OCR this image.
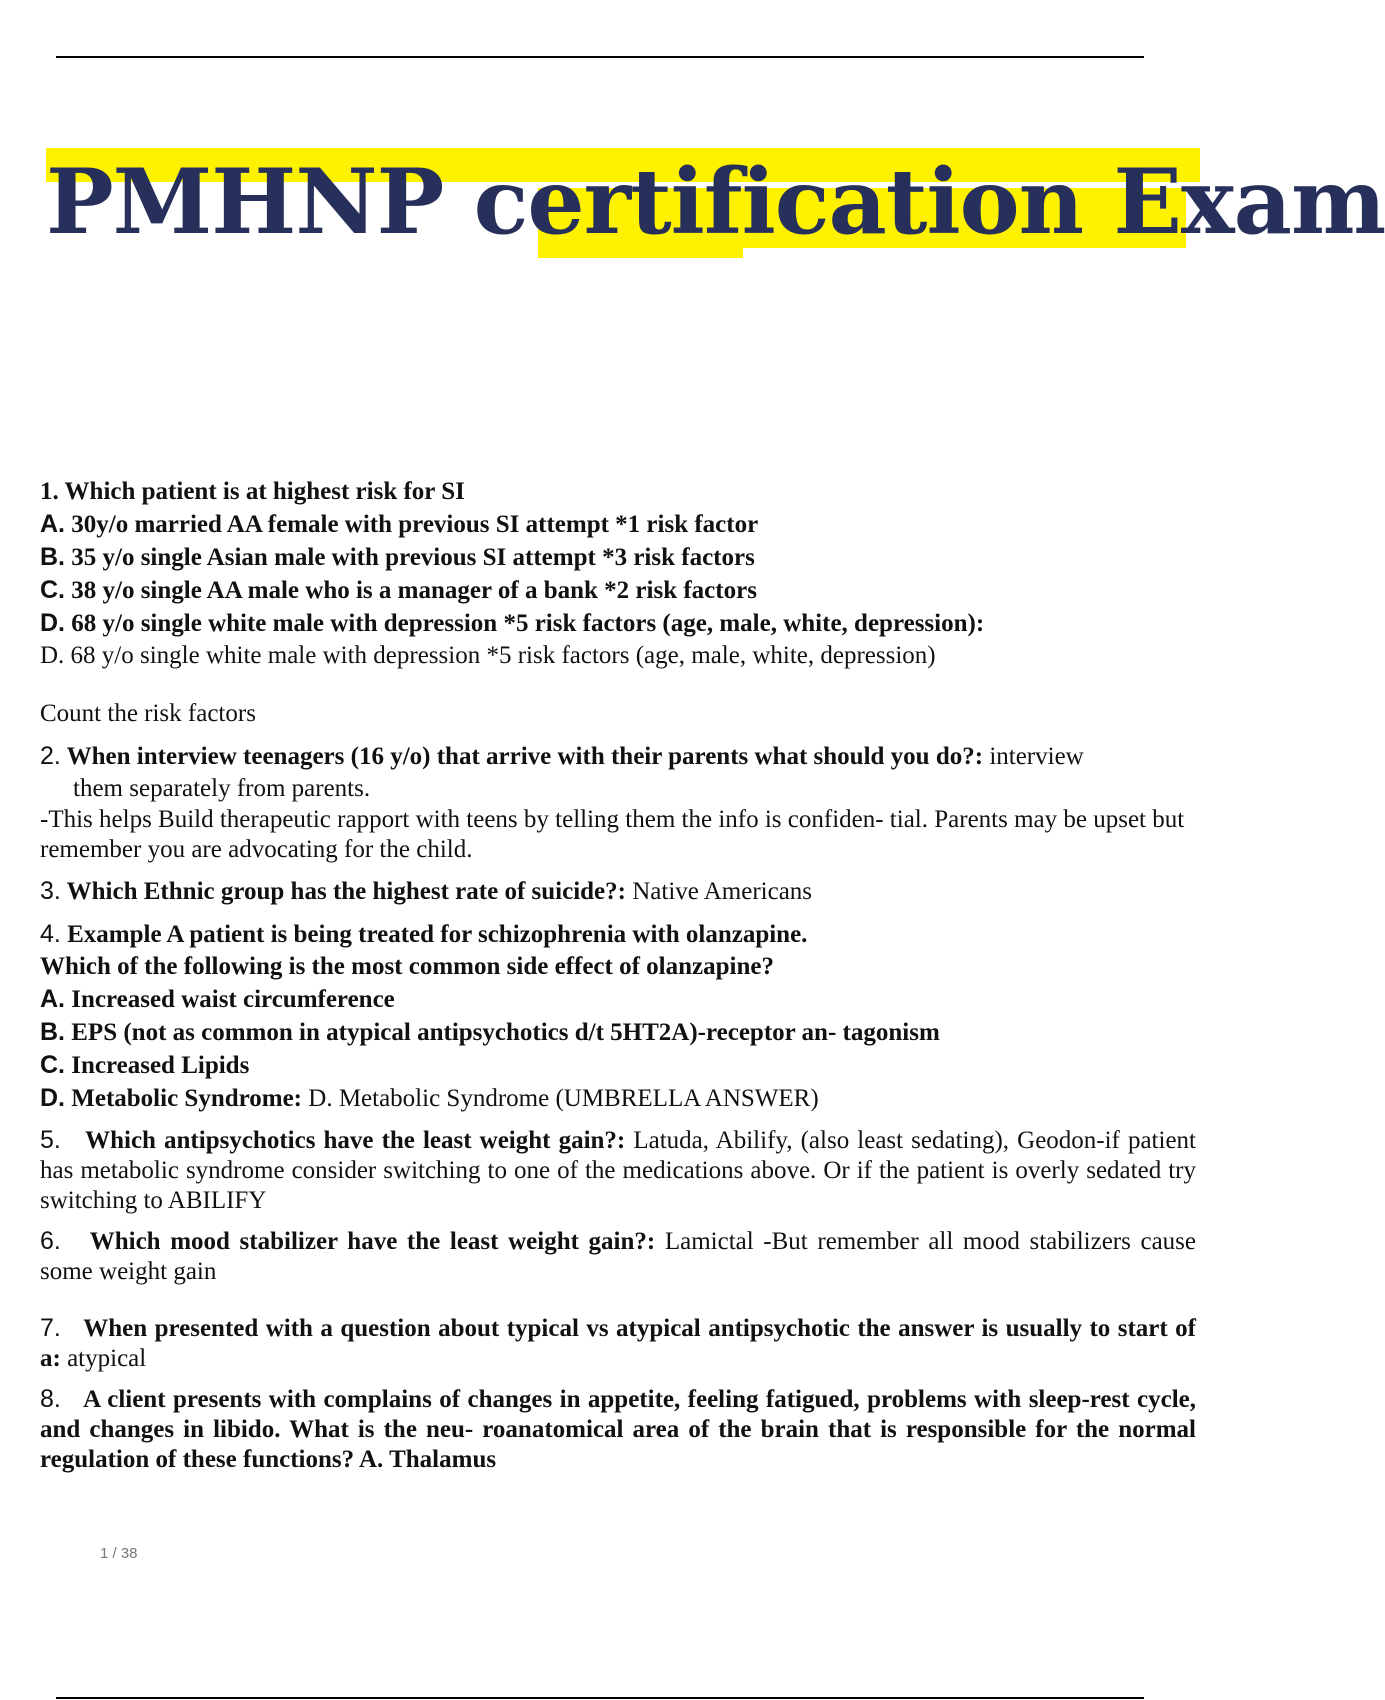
PMHNP certification Exam

1. Which patient is at highest risk for SI

A. 30y/o married AA female with previous SI attempt *1 risk factor

B. 35 y/o single Asian male with previous SI attempt *3 risk factors

C. 38 y/o single AA male who is a manager of a bank *2 risk factors

D. 68 y/o single white male with depression *5 risk factors (age, male, white, depression):

D. 68 y/o single white male with depression *5 risk factors (age, male, white, depression)

Count the risk factors

2. When interview teenagers (16 y/o) that arrive with their parents what should you do?: interview

them separately from parents.

-This helps Build therapeutic rapport with teens by telling them the info is confiden- tial. Parents may be upset but remember you are advocating for the child.

3. Which Ethnic group has the highest rate of suicide?: Native Americans

4. Example A patient is being treated for schizophrenia with olanzapine.

Which of the following is the most common side effect of olanzapine?

A. Increased waist circumference

B. EPS (not as common in atypical antipsychotics d/t 5HT2A)-receptor an- tagonism

C. Increased Lipids

D. Metabolic Syndrome: D. Metabolic Syndrome (UMBRELLA ANSWER)

5. Which antipsychotics have the least weight gain?: Latuda, Abilify, (also least sedating), Geodon-if patient has metabolic syndrome consider switching to one of the medications above. Or if the patient is overly sedated try switching to ABILIFY

6. Which mood stabilizer have the least weight gain?: Lamictal -But remember all mood stabilizers cause some weight gain

7. When presented with a question about typical vs atypical antipsychotic the answer is usually to start of a: atypical

8. A client presents with complains of changes in appetite, feeling fatigued, problems with sleep-rest cycle, and changes in libido. What is the neu- roanatomical area of the brain that is responsible for the normal regulation of these functions? A. Thalamus

1 / 38
